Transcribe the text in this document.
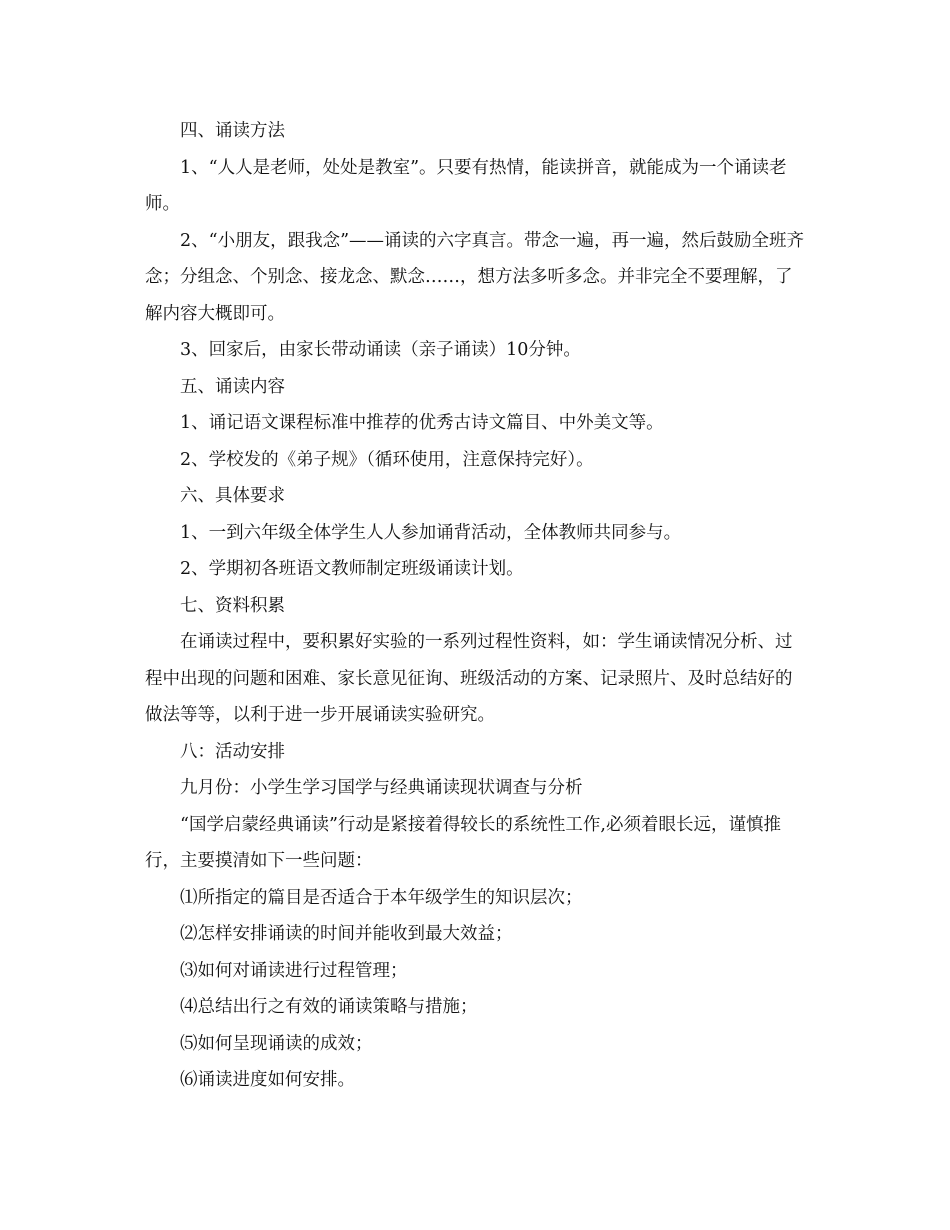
四、诵读方法

1、“人人是老师，处处是教室”。只要有热情，能读拼音，就能成为一个诵读老师。

2、“小朋友，跟我念”——诵读的六字真言。带念一遍，再一遍，然后鼓励全班齐念；分组念、个别念、接龙念、默念……，想方法多听多念。并非完全不要理解，了解内容大概即可。

3、回家后，由家长带动诵读（亲子诵读）10分钟。

五、诵读内容

1、诵记语文课程标准中推荐的优秀古诗文篇目、中外美文等。

2、学校发的《弟子规》（循环使用，注意保持完好）。

六、具体要求

1、一到六年级全体学生人人参加诵背活动，全体教师共同参与。

2、学期初各班语文教师制定班级诵读计划。

七、资料积累

在诵读过程中，要积累好实验的一系列过程性资料，如：学生诵读情况分析、过程中出现的问题和困难、家长意见征询、班级活动的方案、记录照片、及时总结好的做法等等，以利于进一步开展诵读实验研究。

八：活动安排

九月份：小学生学习国学与经典诵读现状调查与分析

“国学启蒙经典诵读”行动是紧接着得较长的系统性工作,必须着眼长远，谨慎推行，主要摸清如下一些问题：

⑴所指定的篇目是否适合于本年级学生的知识层次；

⑵怎样安排诵读的时间并能收到最大效益；

⑶如何对诵读进行过程管理；

⑷总结出行之有效的诵读策略与措施；

⑸如何呈现诵读的成效；

⑹诵读进度如何安排。
